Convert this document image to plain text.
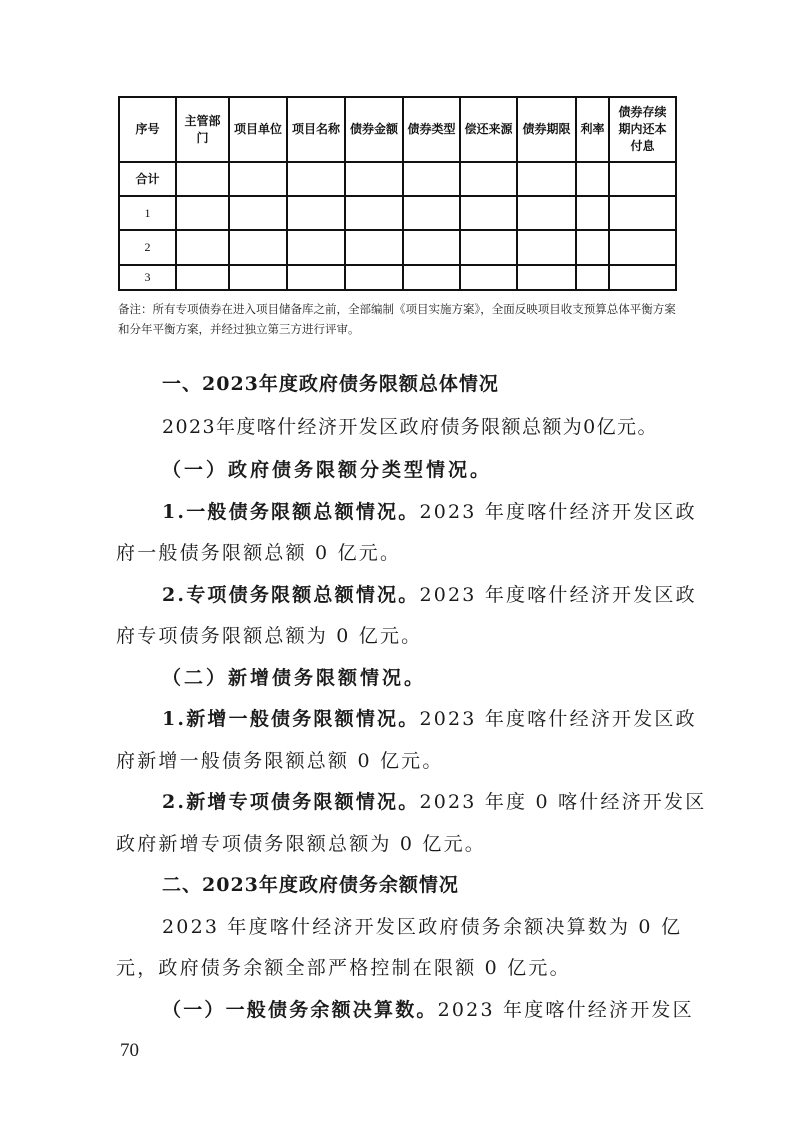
序号	主管部门	项目单位	项目名称	债券金额	债券类型	偿还来源	债券期限	利率	债券存续期内还本付息
合计									
1									
2									
3									
备注：所有专项债券在进入项目储备库之前，全部编制《项目实施方案》，全面反映项目收支预算总体平衡方案和分年平衡方案，并经过独立第三方进行评审。
一、2023年度政府债务限额总体情况
2023年度喀什经济开发区政府债务限额总额为0亿元。
（一）政府债务限额分类型情况。
1.一般债务限额总额情况。2023 年度喀什经济开发区政
府一般债务限额总额 0 亿元。
2.专项债务限额总额情况。2023 年度喀什经济开发区政
府专项债务限额总额为 0 亿元。
（二）新增债务限额情况。
1.新增一般债务限额情况。2023 年度喀什经济开发区政
府新增一般债务限额总额 0 亿元。
2.新增专项债务限额情况。2023 年度 0 喀什经济开发区
政府新增专项债务限额总额为 0 亿元。
二、2023年度政府债务余额情况
2023 年度喀什经济开发区政府债务余额决算数为 0 亿
元，政府债务余额全部严格控制在限额 0 亿元。
（一）一般债务余额决算数。2023 年度喀什经济开发区
70
